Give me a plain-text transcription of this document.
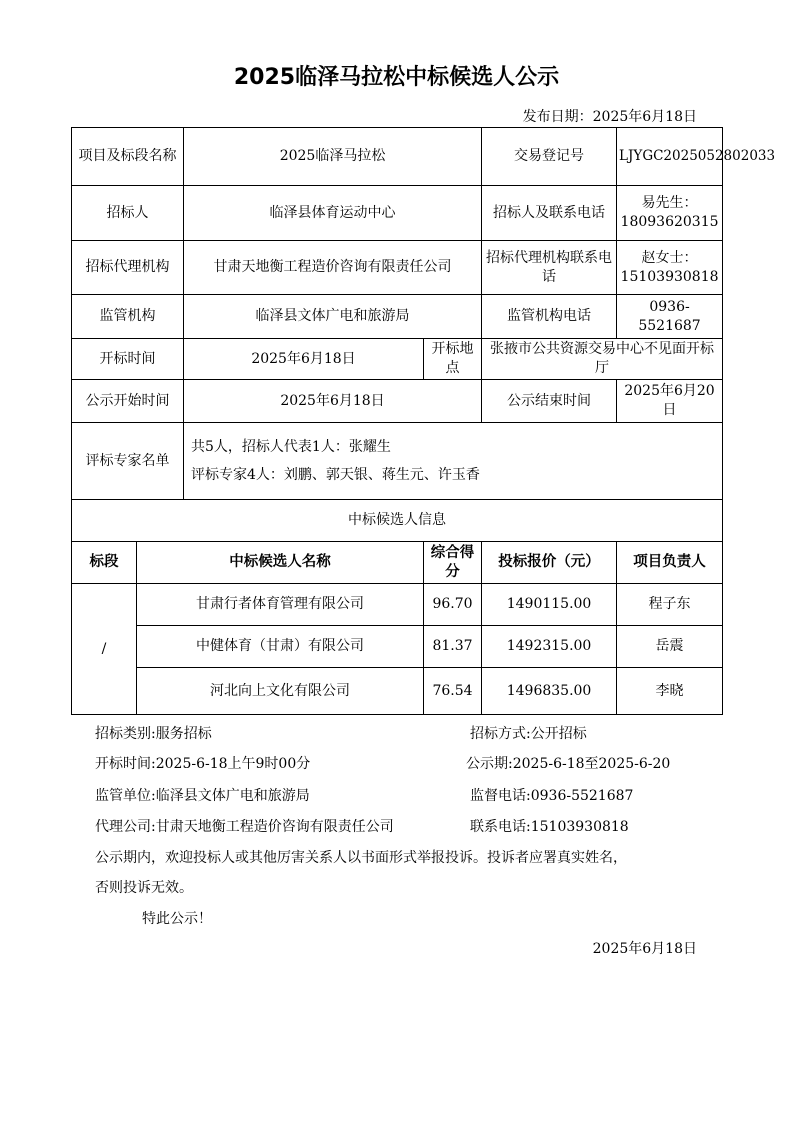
2025临泽马拉松中标候选人公示
发布日期：2025年6月18日
项目及标段名称		2025临泽马拉松		交易登记号	LJYGC2025052802033
招标人		临泽县体育运动中心		招标人及联系电话	易先生：18093620315
招标代理机构		甘肃天地衡工程造价咨询有限责任公司		招标代理机构联系电话	赵女士：15103930818
监管机构		临泽县文体广电和旅游局		监管机构电话	0936-5521687
开标时间		2025年6月18日	开标地点	张掖市公共资源交易中心不见面开标厅	
公示开始时间		2025年6月18日		公示结束时间	2025年6月20日
评标专家名单		共5人，招标人代表1人：张耀生
评标专家4人：刘鹏、郭天银、蒋生元、许玉香			

中标候选人信息					
标段	中标候选人名称		综合得分	投标报价（元）	项目负责人
/	甘肃行者体育管理有限公司		96.70	1490115.00	程子东
	中健体育（甘肃）有限公司		81.37	1492315.00	岳震
	河北向上文化有限公司		76.54	1496835.00	李晓
招标类别:服务招标	招标方式:公开招标
开标时间:2025-6-18上午9时00分	公示期:2025-6-18至2025-6-20
监管单位:临泽县文体广电和旅游局	监督电话:0936-5521687
代理公司:甘肃天地衡工程造价咨询有限责任公司	联系电话:15103930818
公示期内，欢迎投标人或其他厉害关系人以书面形式举报投诉。投诉者应署真实姓名，
否则投诉无效。
特此公示！
2025年6月18日
